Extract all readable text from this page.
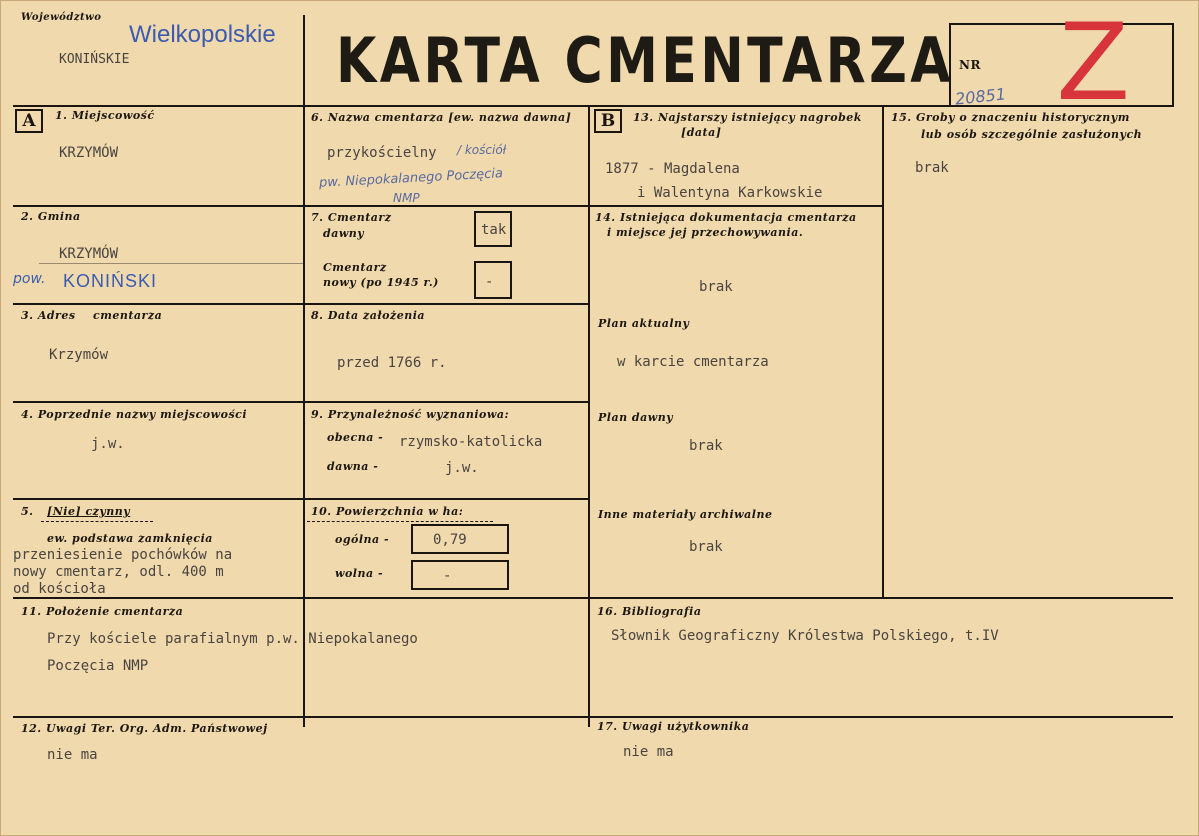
Województwo
Wielkopolskie
KONIŃSKIE	KARTA CMENTARZA NR
20851 Z
A	1. Miejscowość
KRZYMÓW
2. Gmina
KRZYMÓW
pow. KONIŃSKI
3. Adres cmentarza
Krzymów
4. Poprzednie nazwy miejscowości
j.w.
5. [Nie] czynny
ew. podstawa zamknięcia
przeniesienie pochówków na
nowy cmentarz, odl. 400 m
od kościoła
6. Nazwa cmentarza [ew. nazwa dawna]
przykościelny / kościół
pw. Niepokalanego Poczęcia
NMP
7. Cmentarz
dawny	tak
Cmentarz
nowy (po 1945 r.)	-
8. Data założenia
przed 1766 r.
9. Przynależność wyznaniowa:
obecna - rzymsko-katolicka
dawna -	j.w.
10. Powierzchnia w ha:
ogólna -	0,79
wolna -	-
B	13. Najstarszy istniejący nagrobek
[data]
1877 - Magdalena
i Walentyna Karkowskie
14. Istniejąca dokumentacja cmentarza
i miejsce jej przechowywania.
brak
Plan aktualny
w karcie cmentarza
Plan dawny
brak
Inne materiały archiwalne
brak
15. Groby o znaczeniu historycznym
lub osób szczególnie zasłużonych
brak
11. Położenie cmentarza
Przy kościele parafialnym p.w. Niepokalanego
Poczęcia NMP
16. Bibliografia
Słownik Geograficzny Królestwa Polskiego, t.IV
12. Uwagi Ter. Org. Adm. Państwowej
nie ma
17. Uwagi użytkownika
nie ma
